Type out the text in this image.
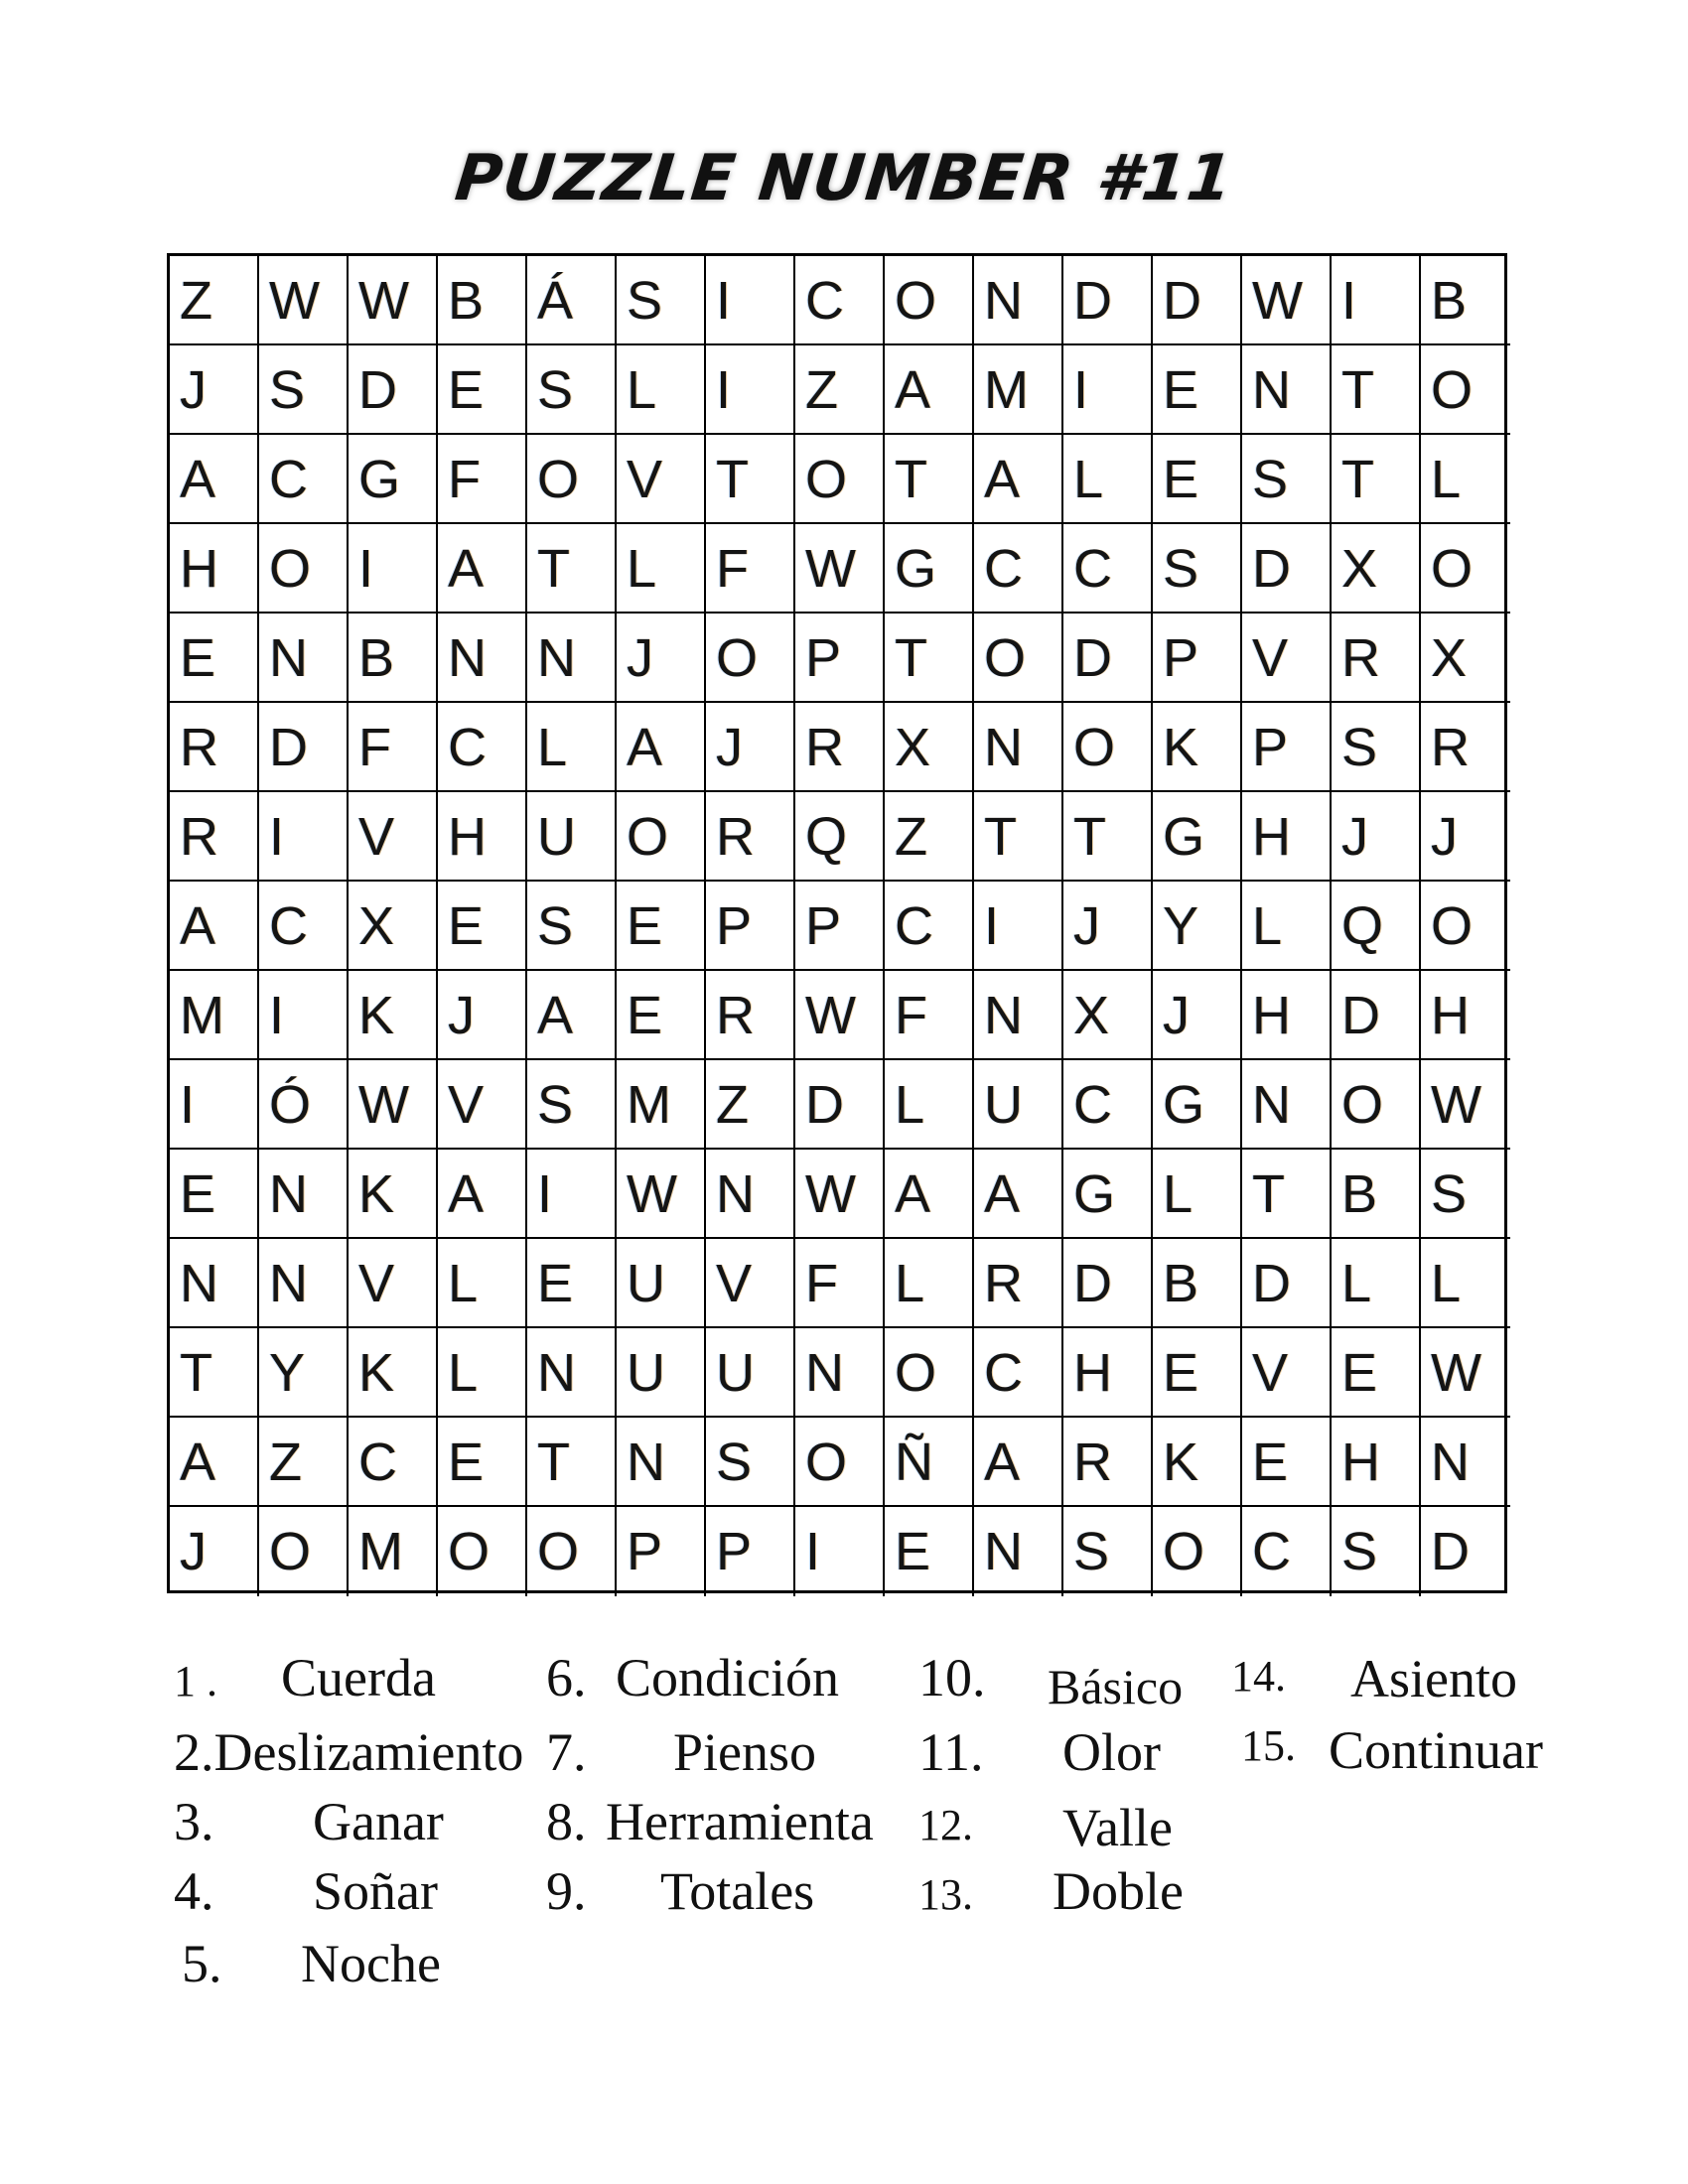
PUZZLE NUMBER #11
Z	W W B Á S I	C O N D D W I	B
J	S D E S L	I	Z	A M I	E N T	O
A C G F	O V T	O T	A L	E S T	L
H O I	A T	L	F	W G C C S D X O
E N B N N J	O P T	O D P V R X
R D F	C L	A J	R X N O K P S R
R I	V H U O R Q Z	T	T	G H J	J
A C X E S E P P C I	J	Y L	Q O
M I	K J	A E R W F	N X J	H D H
I	Ó W V S M Z	D L	U C G N O W
E N K A I	W N W A A G L	T	B S
N N V L	E U V F	L	R D B D L	L
T	Y K L	N U U N O C H E V E W
A Z	C E T	N S O Ñ A R K E H N
J	O M O O P P I	E N S O C S D
1 . Cuerda
2.Deslizamiento
3. Ganar
4. Soñar
5. Noche
6. Condición
7. Pienso
8. Herramienta
9. Totales
10. Básico
11. Olor
12. Valle
13. Doble
14. Asiento
15. Continuar
